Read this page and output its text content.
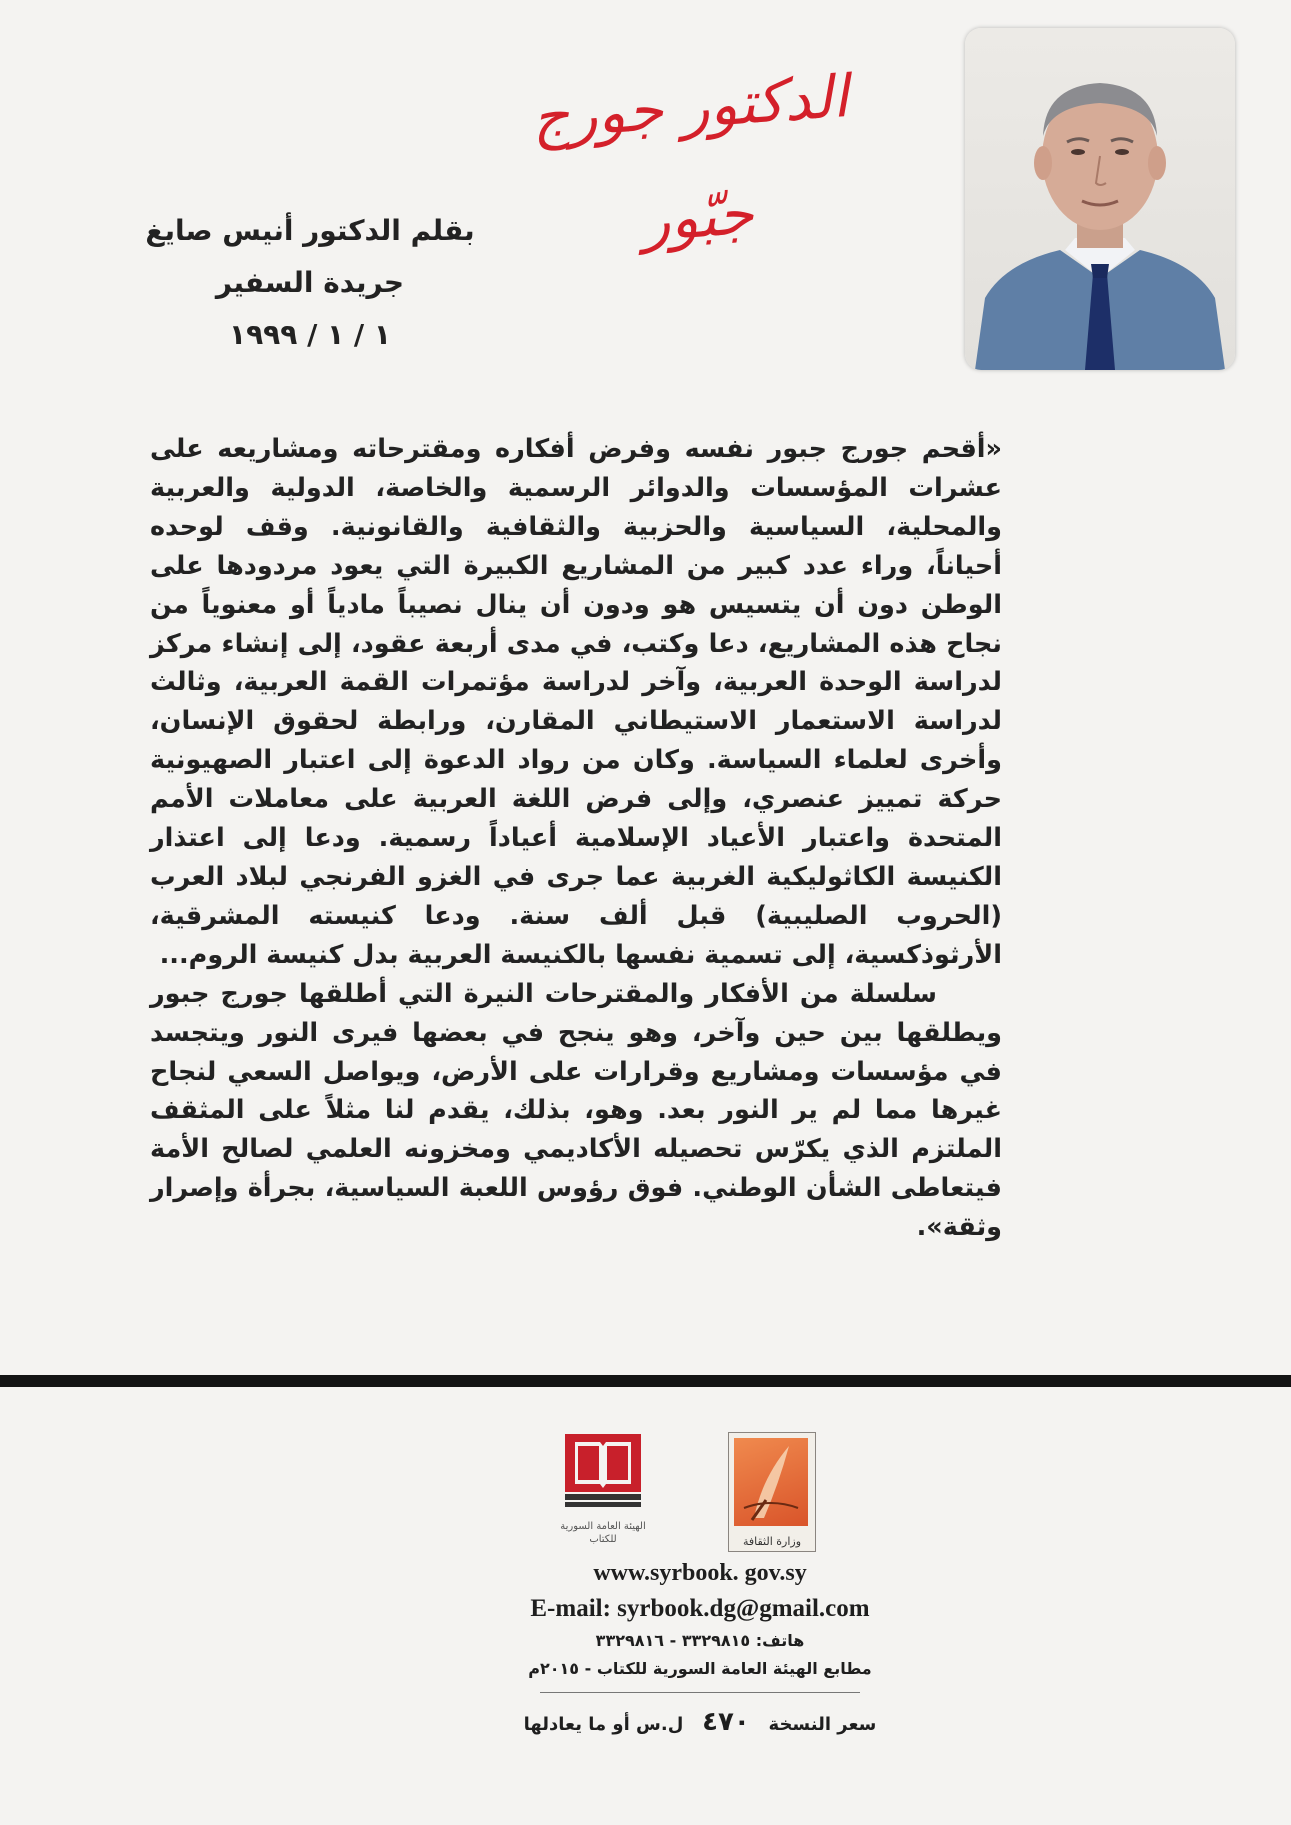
الدكتور جورج جبّور
بقلم الدكتور أنيس صايغ
جريدة السفير
١ / ١ / ١٩٩٩

«أقحم جورج جبور نفسه وفرض أفكاره ومقترحاته ومشاريعه على عشرات المؤسسات والدوائر الرسمية والخاصة، الدولية والعربية والمحلية، السياسية والحزبية والثقافية والقانونية. وقف لوحده أحياناً، وراء عدد كبير من المشاريع الكبيرة التي يعود مردودها على الوطن دون أن يتسيس هو ودون أن ينال نصيباً مادياً أو معنوياً من نجاح هذه المشاريع، دعا وكتب، في مدى أربعة عقود، إلى إنشاء مركز لدراسة الوحدة العربية، وآخر لدراسة مؤتمرات القمة العربية، وثالث لدراسة الاستعمار الاستيطاني المقارن، ورابطة لحقوق الإنسان، وأخرى لعلماء السياسة. وكان من رواد الدعوة إلى اعتبار الصهيونية حركة تمييز عنصري، وإلى فرض اللغة العربية على معاملات الأمم المتحدة واعتبار الأعياد الإسلامية أعياداً رسمية. ودعا إلى اعتذار الكنيسة الكاثوليكية الغربية عما جرى في الغزو الفرنجي لبلاد العرب (الحروب الصليبية) قبل ألف سنة. ودعا كنيسته المشرقية، الأرثوذكسية، إلى تسمية نفسها بالكنيسة العربية بدل كنيسة الروم...

سلسلة من الأفكار والمقترحات النيرة التي أطلقها جورج جبور ويطلقها بين حين وآخر، وهو ينجح في بعضها فيرى النور ويتجسد في مؤسسات ومشاريع وقرارات على الأرض، ويواصل السعي لنجاح غيرها مما لم ير النور بعد. وهو، بذلك، يقدم لنا مثلاً على المثقف الملتزم الذي يكرّس تحصيله الأكاديمي ومخزونه العلمي لصالح الأمة فيتعاطى الشأن الوطني. فوق رؤوس اللعبة السياسية، بجرأة وإصرار وثقة».

الهيئة العامة السورية للكتاب	وزارة الثقافة
www.syrbook. gov.sy
E-mail: syrbook.dg@gmail.com
هاتف: ٣٣٢٩٨١٥ - ٣٣٢٩٨١٦
مطابع الهيئة العامة السورية للكتاب - ٢٠١٥م
سعر النسخة   ٤٧٠   ل.س أو ما يعادلها
